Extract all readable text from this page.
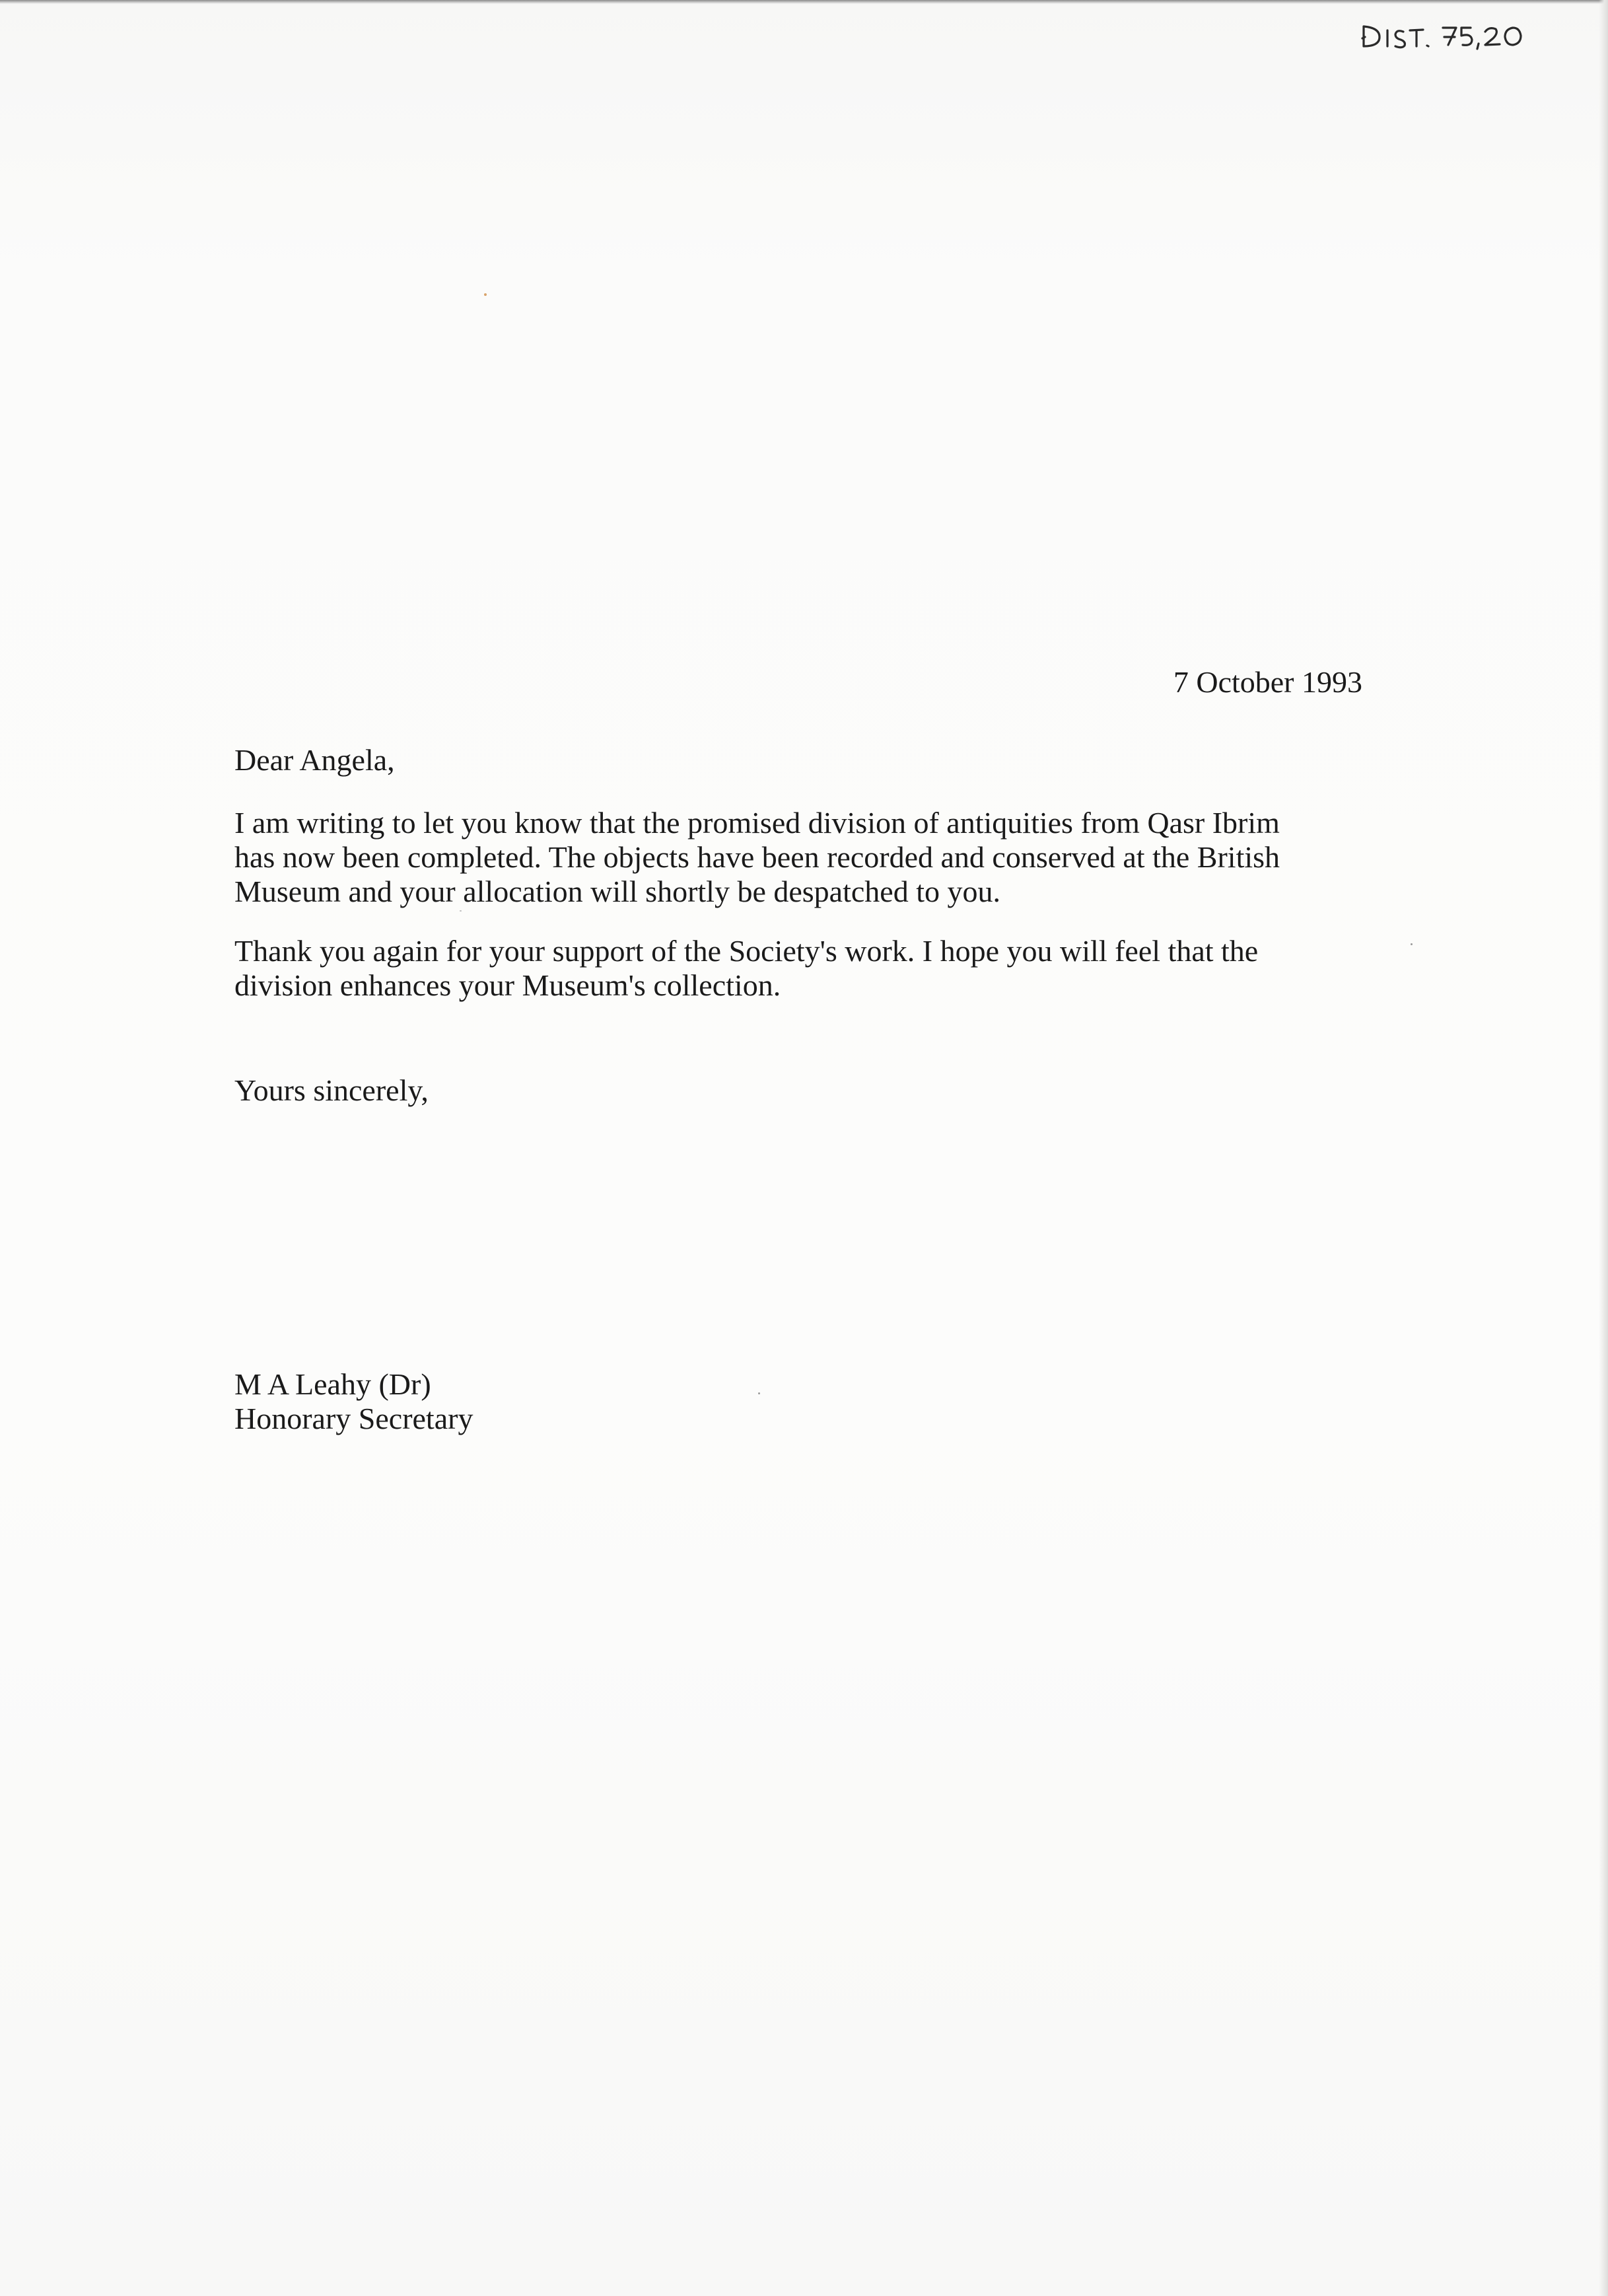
7 October 1993
Dear Angela,
I am writing to let you know that the promised division of antiquities from Qasr Ibrim
has now been completed. The objects have been recorded and conserved at the British
Museum and your allocation will shortly be despatched to you.
Thank you again for your support of the Society's work. I hope you will feel that the
division enhances your Museum's collection.
Yours sincerely,
M A Leahy (Dr)
Honorary Secretary
